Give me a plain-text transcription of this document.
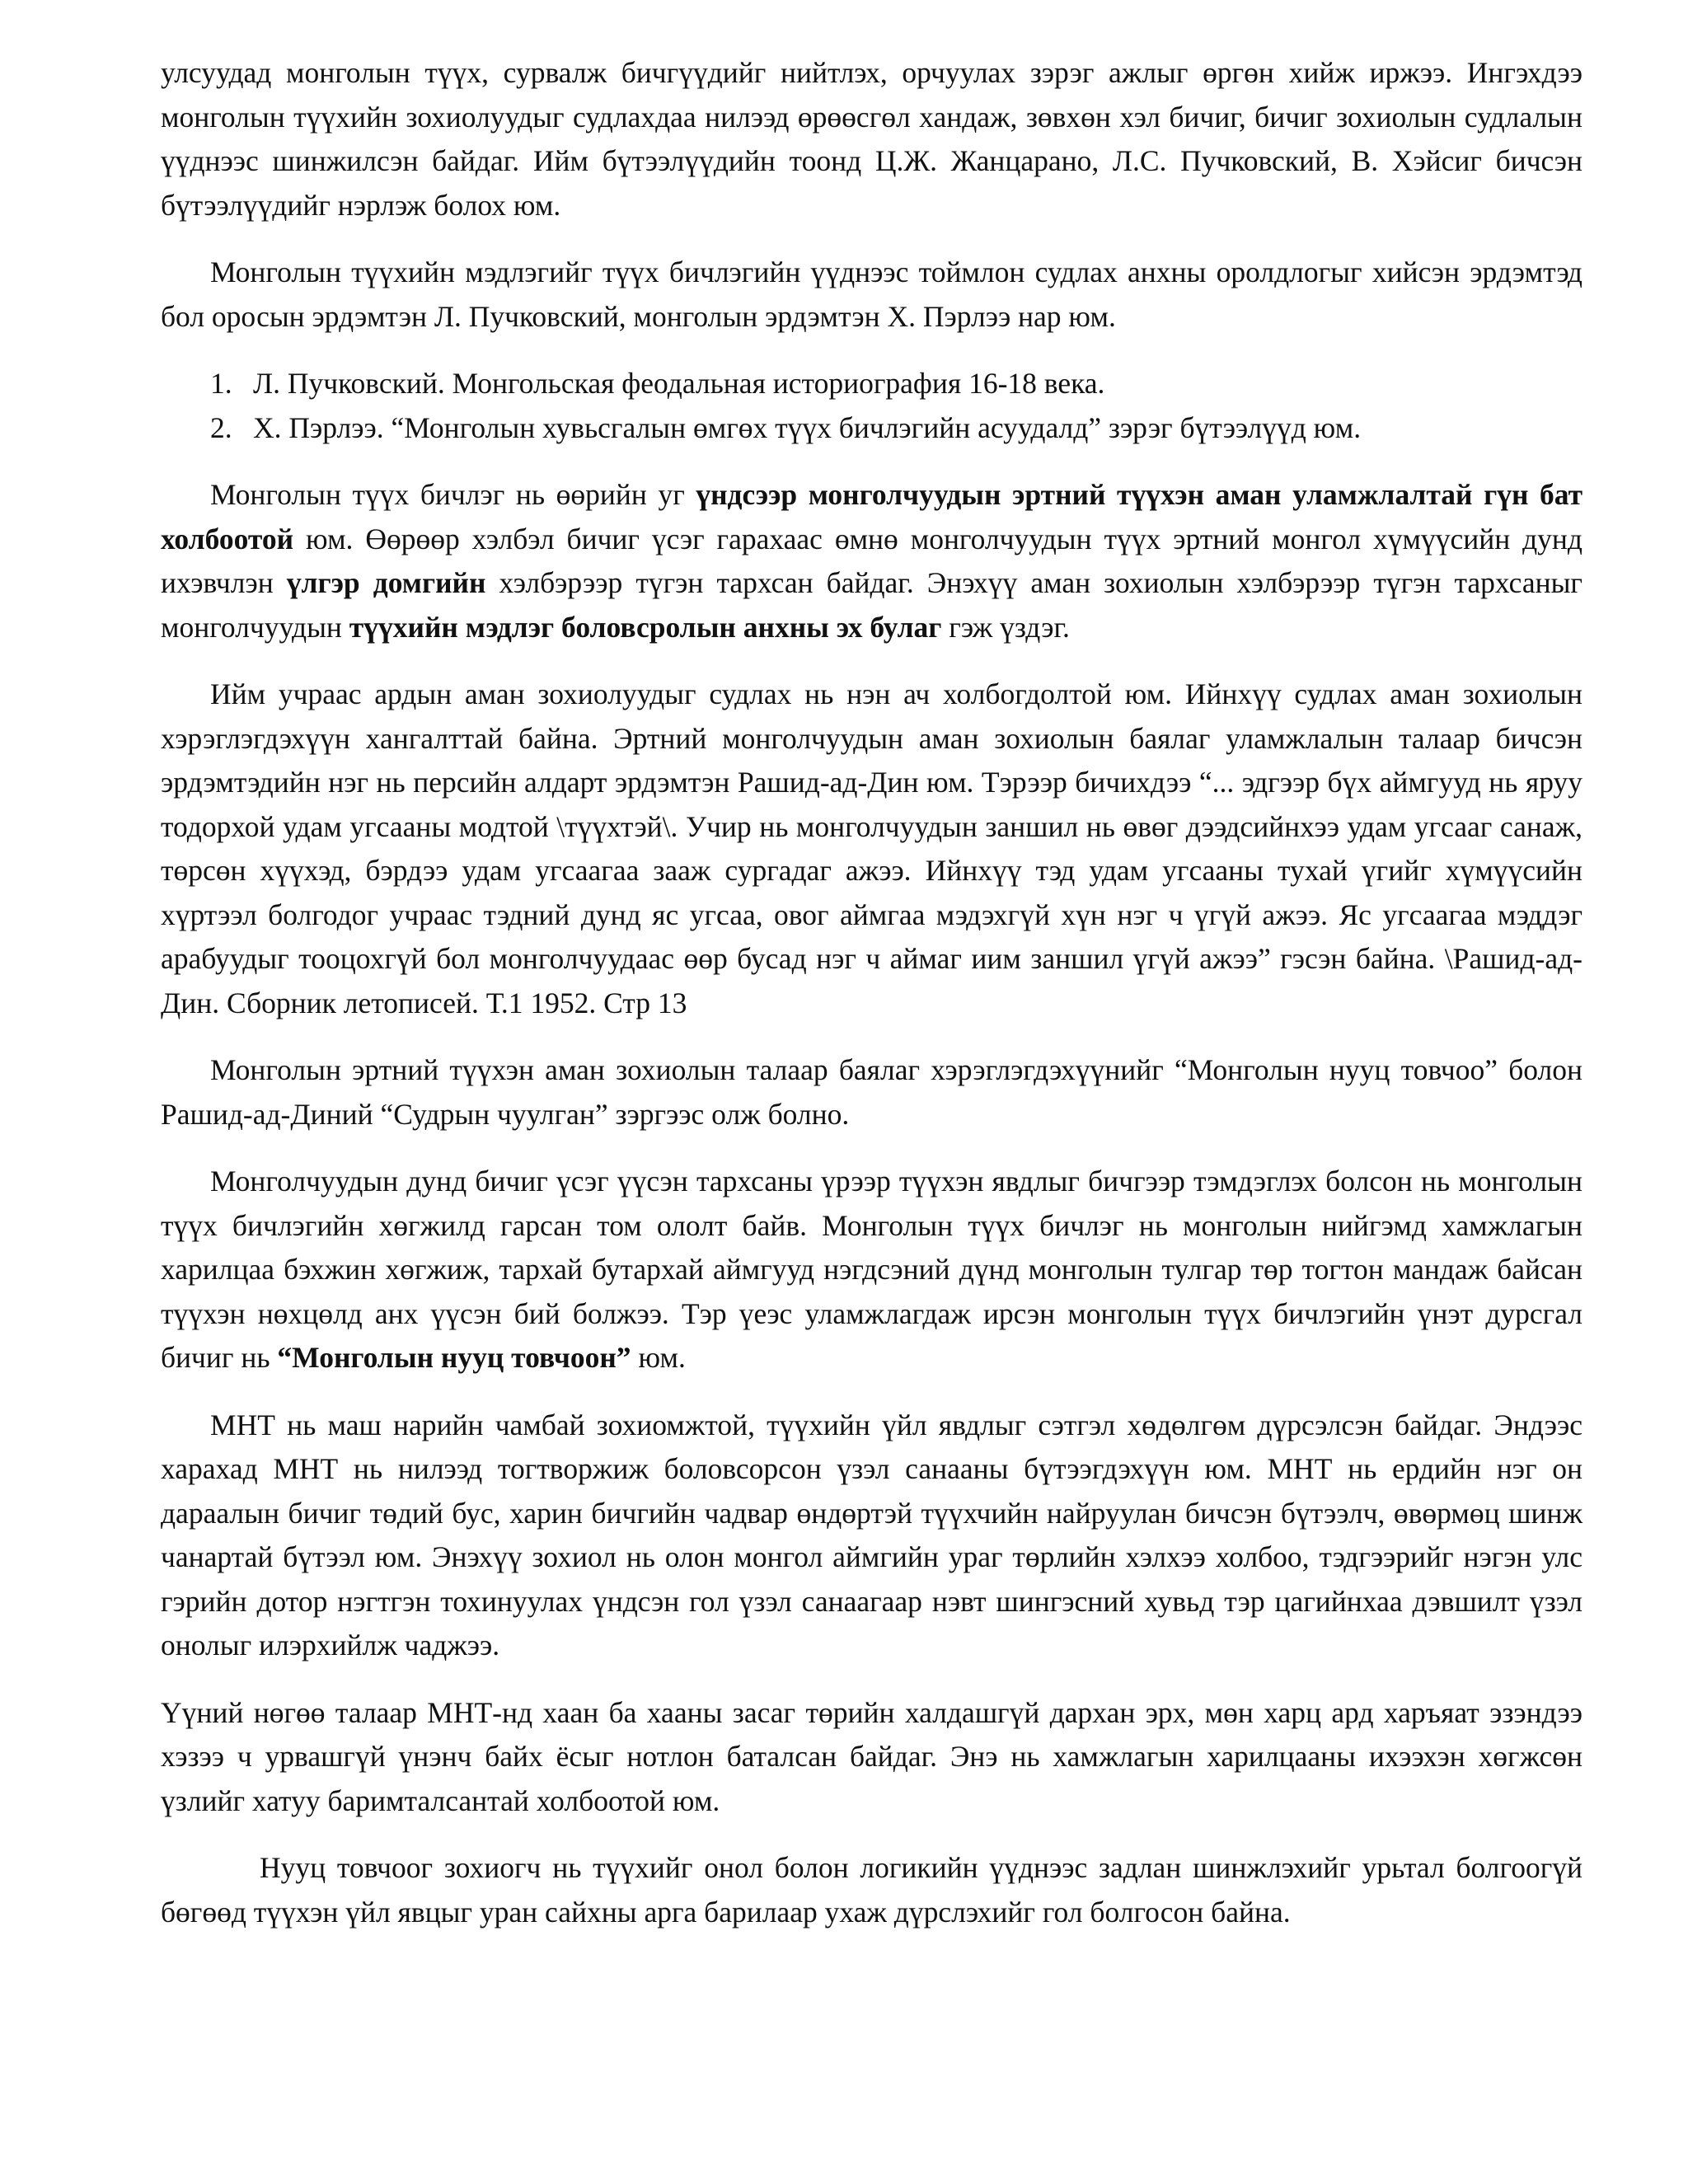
улсуудад монголын түүх, сурвалж бичгүүдийг нийтлэх, орчуулах зэрэг ажлыг өргөн хийж иржээ. Ингэхдээ монголын түүхийн зохиолуудыг судлахдаа нилээд өрөөсгөл хандаж, зөвхөн хэл бичиг, бичиг зохиолын судлалын үүднээс шинжилсэн байдаг. Ийм бүтээлүүдийн тоонд Ц.Ж. Жанцарано, Л.С. Пучковский, В. Хэйсиг бичсэн бүтээлүүдийг нэрлэж болох юм.

Монголын түүхийн мэдлэгийг түүх бичлэгийн үүднээс тоймлон судлах анхны оролдлогыг хийсэн эрдэмтэд бол оросын эрдэмтэн Л. Пучковский, монголын эрдэмтэн Х. Пэрлээ нар юм.

1. Л. Пучковский. Монгольская феодальная историография 16-18 века.
2. Х. Пэрлээ. “Монголын хувьсгалын өмгөх түүх бичлэгийн асуудалд” зэрэг бүтээлүүд юм.

Монголын түүх бичлэг нь өөрийн уг үндсээр монголчуудын эртний түүхэн аман уламжлалтай гүн бат холбоотой юм. Өөрөөр хэлбэл бичиг үсэг гарахаас өмнө монголчуудын түүх эртний монгол хүмүүсийн дунд ихэвчлэн үлгэр домгийн хэлбэрээр түгэн тархсан байдаг. Энэхүү аман зохиолын хэлбэрээр түгэн тархсаныг монголчуудын түүхийн мэдлэг боловсролын анхны эх булаг гэж үздэг.

Ийм учраас ардын аман зохиолуудыг судлах нь нэн ач холбогдолтой юм. Ийнхүү судлах аман зохиолын хэрэглэгдэхүүн хангалттай байна. Эртний монголчуудын аман зохиолын баялаг уламжлалын талаар бичсэн эрдэмтэдийн нэг нь персийн алдарт эрдэмтэн Рашид-ад-Дин юм. Тэрээр бичихдээ “... эдгээр бүх аймгууд нь яруу тодорхой удам угсааны модтой \түүхтэй\. Учир нь монголчуудын заншил нь өвөг дээдсийнхээ удам угсааг санаж, төрсөн хүүхэд, бэрдээ удам угсаагаа зааж сургадаг ажээ. Ийнхүү тэд удам угсааны тухай үгийг хүмүүсийн хүртээл болгодог учраас тэдний дунд яс угсаа, овог аймгаа мэдэхгүй хүн нэг ч үгүй ажээ. Яс угсаагаа мэддэг арабуудыг тооцохгүй бол монголчуудаас өөр бусад нэг ч аймаг иим заншил үгүй ажээ” гэсэн байна. \Рашид-ад-Дин. Сборник летописей. Т.1 1952. Стр 13

Монголын эртний түүхэн аман зохиолын талаар баялаг хэрэглэгдэхүүнийг “Монголын нууц товчоо” болон Рашид-ад-Диний “Судрын чуулган” зэргээс олж болно.

Монголчуудын дунд бичиг үсэг үүсэн тархсаны үрээр түүхэн явдлыг бичгээр тэмдэглэх болсон нь монголын түүх бичлэгийн хөгжилд гарсан том ололт байв. Монголын түүх бичлэг нь монголын нийгэмд хамжлагын харилцаа бэхжин хөгжиж, тархай бутархай аймгууд нэгдсэний дүнд монголын тулгар төр тогтон мандаж байсан түүхэн нөхцөлд анх үүсэн бий болжээ. Тэр үеэс уламжлагдаж ирсэн монголын түүх бичлэгийн үнэт дурсгал бичиг нь “Монголын нууц товчоон” юм.

МНТ нь маш нарийн чамбай зохиомжтой, түүхийн үйл явдлыг сэтгэл хөдөлгөм дүрсэлсэн байдаг. Эндээс харахад МНТ нь нилээд тогтворжиж боловсорсон үзэл санааны бүтээгдэхүүн юм. МНТ нь ердийн нэг он дараалын бичиг төдий бус, харин бичгийн чадвар өндөртэй түүхчийн найруулан бичсэн бүтээлч, өвөрмөц шинж чанартай бүтээл юм. Энэхүү зохиол нь олон монгол аймгийн ураг төрлийн хэлхээ холбоо, тэдгээрийг нэгэн улс гэрийн дотор нэгтгэн тохинуулах үндсэн гол үзэл санаагаар нэвт шингэсний хувьд тэр цагийнхаа дэвшилт үзэл онолыг илэрхийлж чаджээ.

Үүний нөгөө талаар МНТ-нд хаан ба хааны засаг төрийн халдашгүй дархан эрх, мөн харц ард харъяат эзэндээ хэзээ ч урвашгүй үнэнч байх ёсыг нотлон баталсан байдаг. Энэ нь хамжлагын харилцааны ихээхэн хөгжсөн үзлийг хатуу баримталсантай холбоотой юм.

Нууц товчоог зохиогч нь түүхийг онол болон логикийн үүднээс задлан шинжлэхийг урьтал болгоогүй бөгөөд түүхэн үйл явцыг уран сайхны арга барилаар ухаж дүрслэхийг гол болгосон байна.
